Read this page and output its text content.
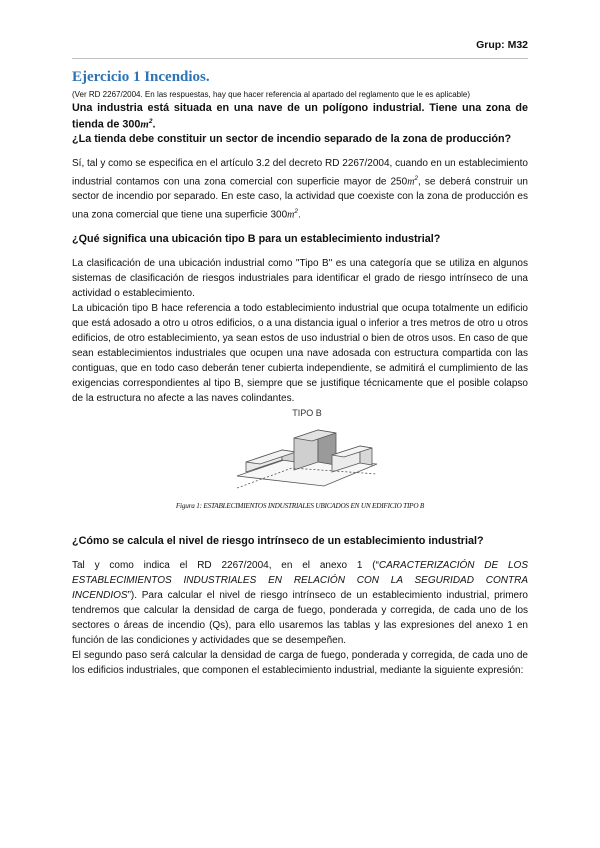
Grup: M32
Ejercicio 1 Incendios.

(Ver RD 2267/2004. En las respuestas, hay que hacer referencia al apartado del reglamento que le es aplicable)

Una industria está situada en una nave de un polígono industrial. Tiene una zona de tienda de $300m^2$.

¿La tienda debe constituir un sector de incendio separado de la zona de producción?

Sí, tal y como se especifica en el artículo 3.2 del decreto RD 2267/2004, cuando en un establecimiento industrial contamos con una zona comercial con superficie mayor de $250m^2$, se deberá construir un sector de incendio por separado. En este caso, la actividad que coexiste con la zona de producción es una zona comercial que tiene una superficie $300m^2$.

¿Qué significa una ubicación tipo B para un establecimiento industrial?

La clasificación de una ubicación industrial como "Tipo B" es una categoría que se utiliza en algunos sistemas de clasificación de riesgos industriales para identificar el grado de riesgo intrínseco de una actividad o establecimiento.

La ubicación tipo B hace referencia a todo establecimiento industrial que ocupa totalmente un edificio que está adosado a otro u otros edificios, o a una distancia igual o inferior a tres metros de otro u otros edificios, de otro establecimiento, ya sean estos de uso industrial o bien de otros usos. En caso de que sean establecimientos industriales que ocupen una nave adosada con estructura compartida con las contiguas, que en todo caso deberán tener cubierta independiente, se admitirá el cumplimiento de las exigencias correspondientes al tipo B, siempre que se justifique técnicamente que el posible colapso de la estructura no afecte a las naves colindantes.

TIPO B

Figura 1: ESTABLECIMIENTOS INDUSTRIALES UBICADOS EN UN EDIFICIO TIPO B

¿Cómo se calcula el nivel de riesgo intrínseco de un establecimiento industrial?

Tal y como indica el RD 2267/2004, en el anexo 1 (“CARACTERIZACIÓN DE LOS ESTABLECIMIENTOS INDUSTRIALES EN RELACIÓN CON LA SEGURIDAD CONTRA INCENDIOS”). Para calcular el nivel de riesgo intrínseco de un establecimiento industrial, primero tendremos que calcular la densidad de carga de fuego, ponderada y corregida, de cada uno de los sectores o áreas de incendio (Qs), para ello usaremos las tablas y las expresiones del anexo 1 en función de las condiciones y actividades que se desempeñen.

El segundo paso será calcular la densidad de carga de fuego, ponderada y corregida, de cada uno de los edificios industriales, que componen el establecimiento industrial, mediante la siguiente expresión:
